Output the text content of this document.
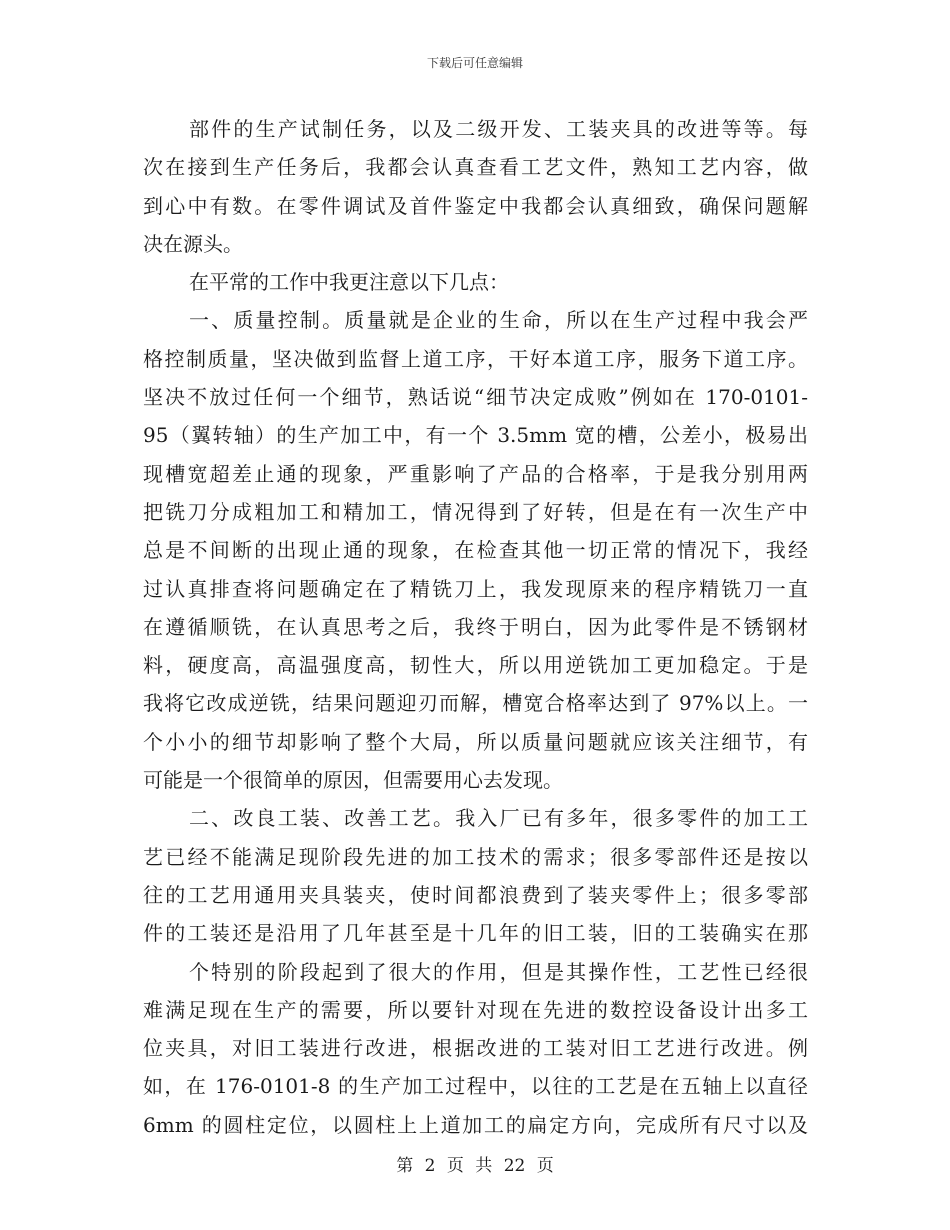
下载后可任意编辑
部件的生产试制任务，以及二级开发、工装夹具的改进等等。每
次在接到生产任务后，我都会认真查看工艺文件，熟知工艺内容，做
到心中有数。在零件调试及首件鉴定中我都会认真细致，确保问题解
决在源头。
在平常的工作中我更注意以下几点：
一、质量控制。质量就是企业的生命，所以在生产过程中我会严
格控制质量，坚决做到监督上道工序，干好本道工序，服务下道工序。
坚决不放过任何一个细节，熟话说“细节决定成败”例如在 170-0101-
95（翼转轴）的生产加工中，有一个 3.5mm 宽的槽，公差小，极易出
现槽宽超差止通的现象，严重影响了产品的合格率，于是我分别用两
把铣刀分成粗加工和精加工，情况得到了好转，但是在有一次生产中
总是不间断的出现止通的现象，在检查其他一切正常的情况下，我经
过认真排查将问题确定在了精铣刀上，我发现原来的程序精铣刀一直
在遵循顺铣，在认真思考之后，我终于明白，因为此零件是不锈钢材
料，硬度高，高温强度高，韧性大，所以用逆铣加工更加稳定。于是
我将它改成逆铣，结果问题迎刃而解，槽宽合格率达到了 97%以上。一
个小小的细节却影响了整个大局，所以质量问题就应该关注细节，有
可能是一个很简单的原因，但需要用心去发现。
二、改良工装、改善工艺。我入厂已有多年，很多零件的加工工
艺已经不能满足现阶段先进的加工技术的需求；很多零部件还是按以
往的工艺用通用夹具装夹，使时间都浪费到了装夹零件上；很多零部
件的工装还是沿用了几年甚至是十几年的旧工装，旧的工装确实在那
个特别的阶段起到了很大的作用，但是其操作性，工艺性已经很
难满足现在生产的需要，所以要针对现在先进的数控设备设计出多工
位夹具，对旧工装进行改进，根据改进的工装对旧工艺进行改进。例
如，在 176-0101-8 的生产加工过程中，以往的工艺是在五轴上以直径
6mm 的圆柱定位，以圆柱上上道加工的扁定方向，完成所有尺寸以及
第 2 页 共 22 页
